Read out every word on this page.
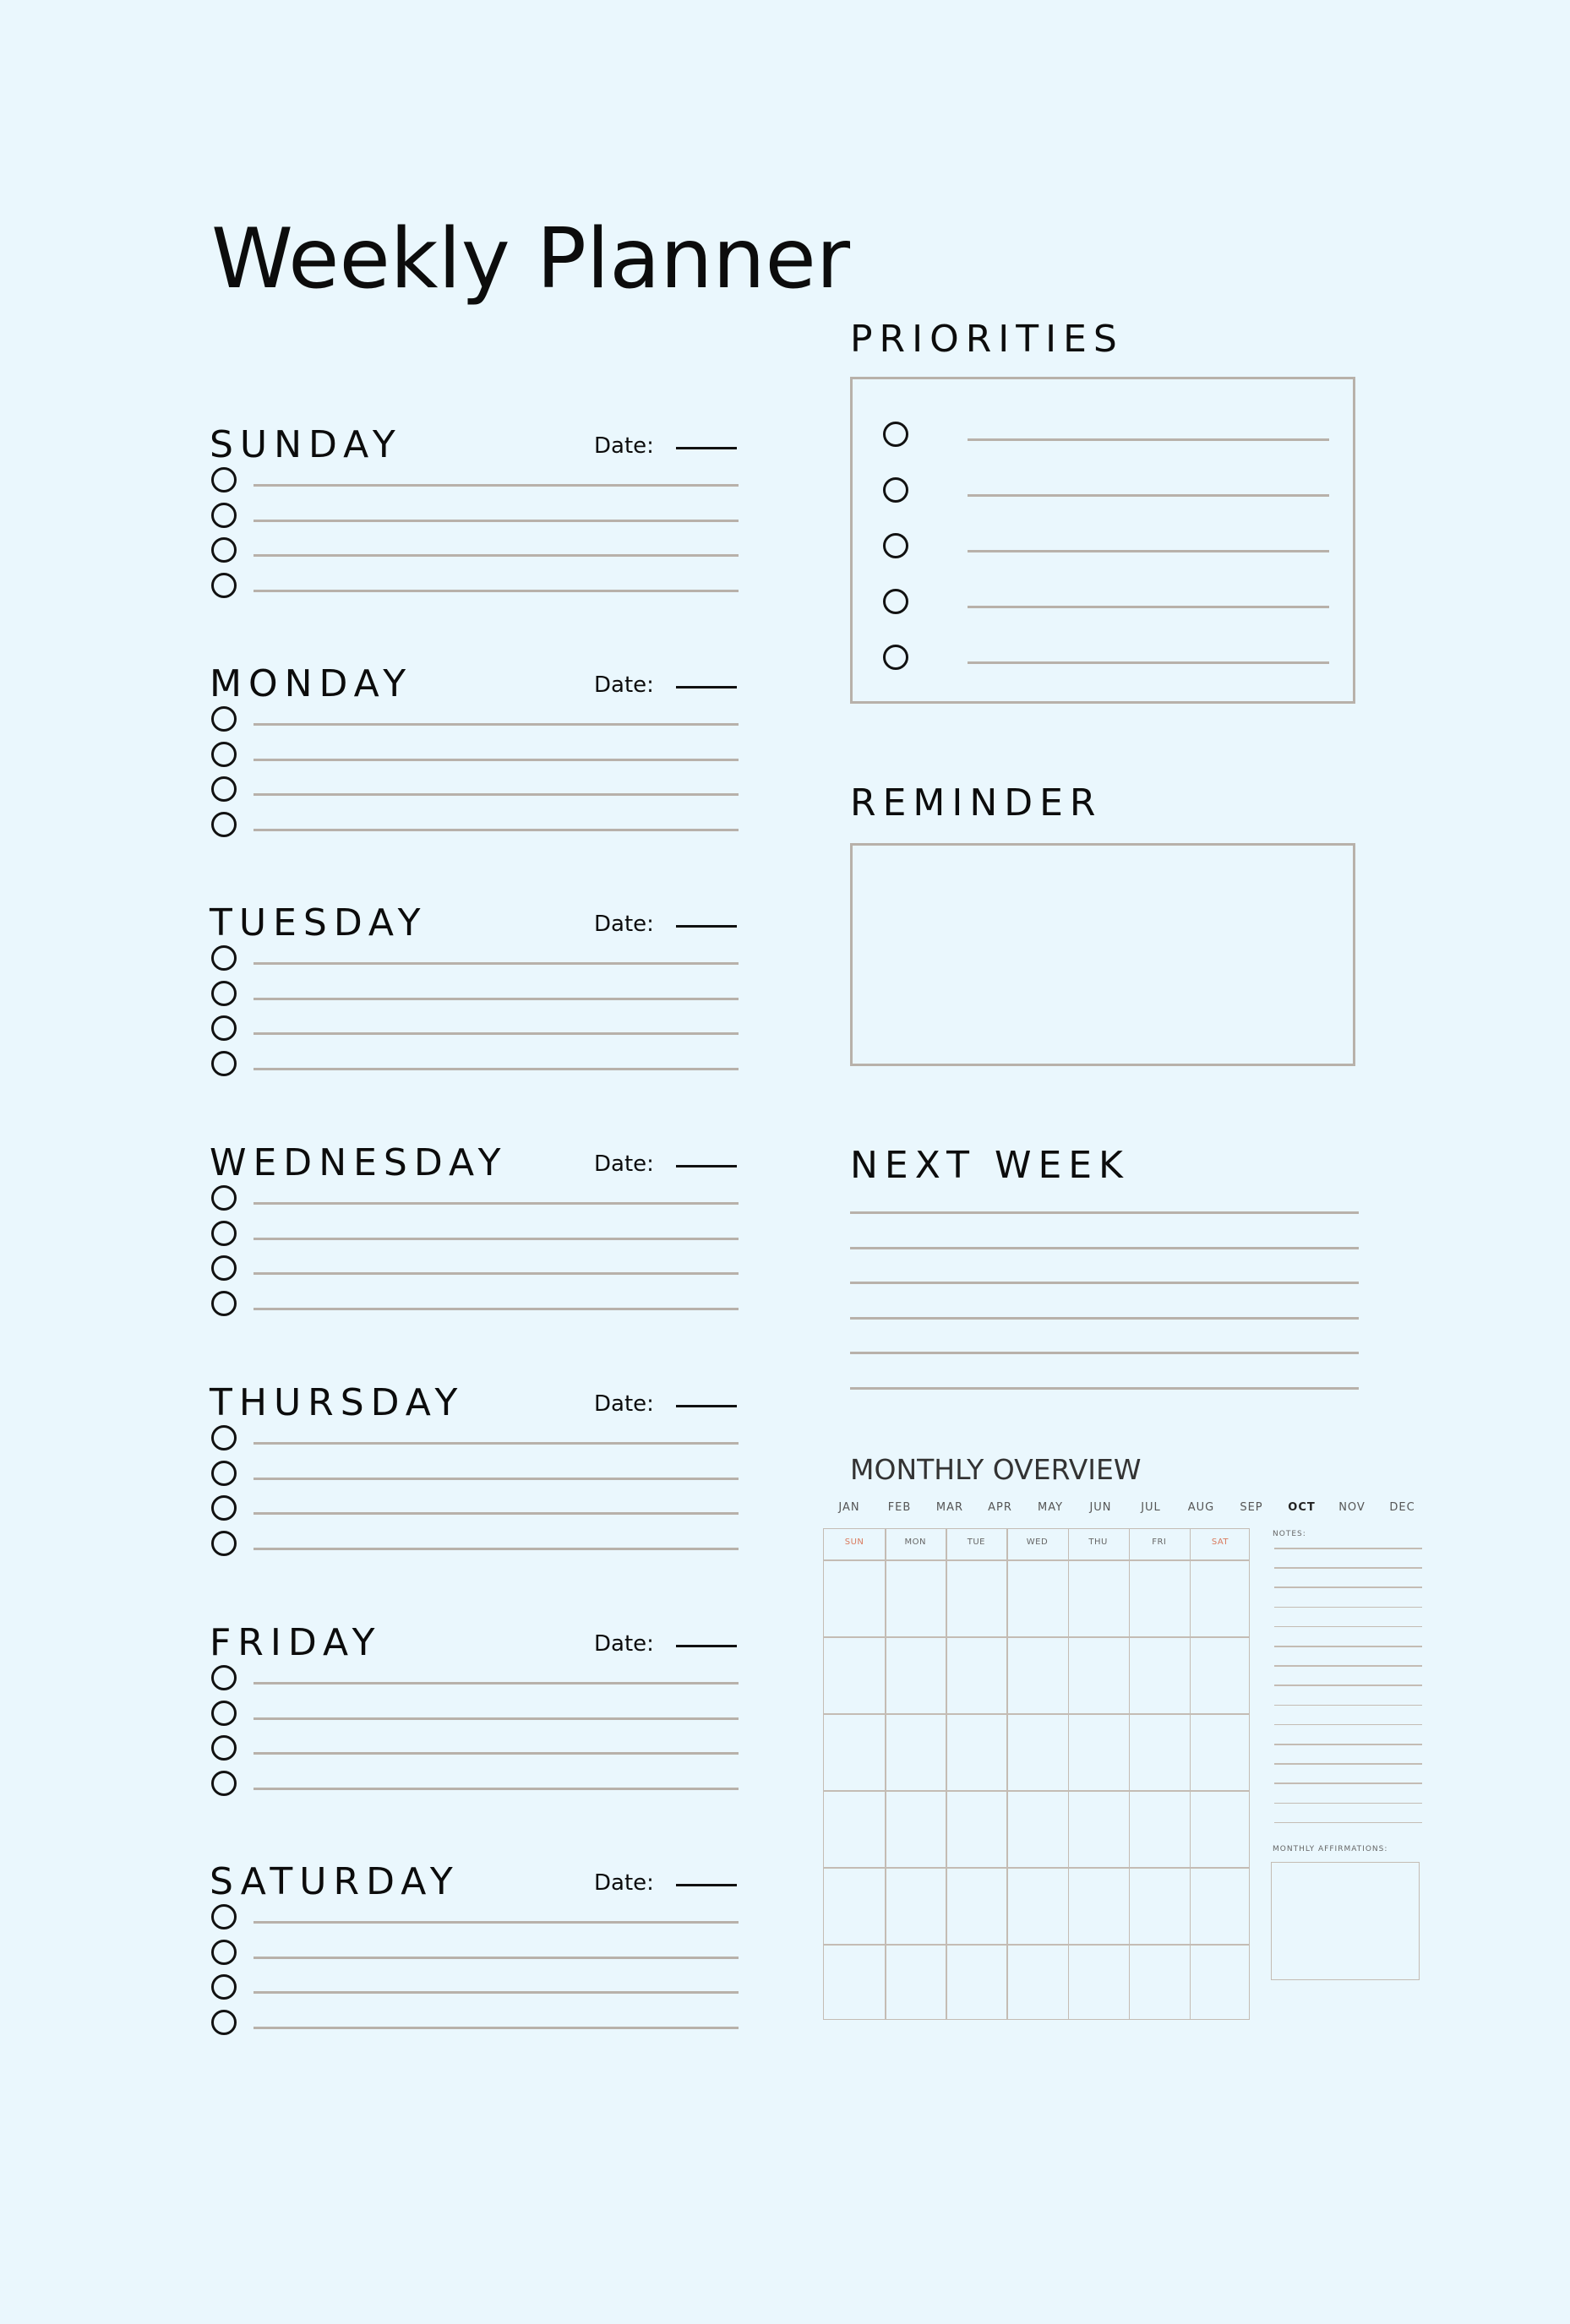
Weekly Planner
SUNDAY	Date:
MONDAY	Date:
TUESDAY	Date:
WEDNESDAY	Date:
THURSDAY	Date:
FRIDAY	Date:
SATURDAY	Date:
PRIORITIES
REMINDER
NEXT WEEK
MONTHLY OVERVIEW
JAN	FEB MAR APR MAY JUN	JUL AUG SEP OCT NOV DEC
SUN	MON	TUE	WED	THU	FRI	SAT
NOTES:
MONTHLY AFFIRMATIONS:
